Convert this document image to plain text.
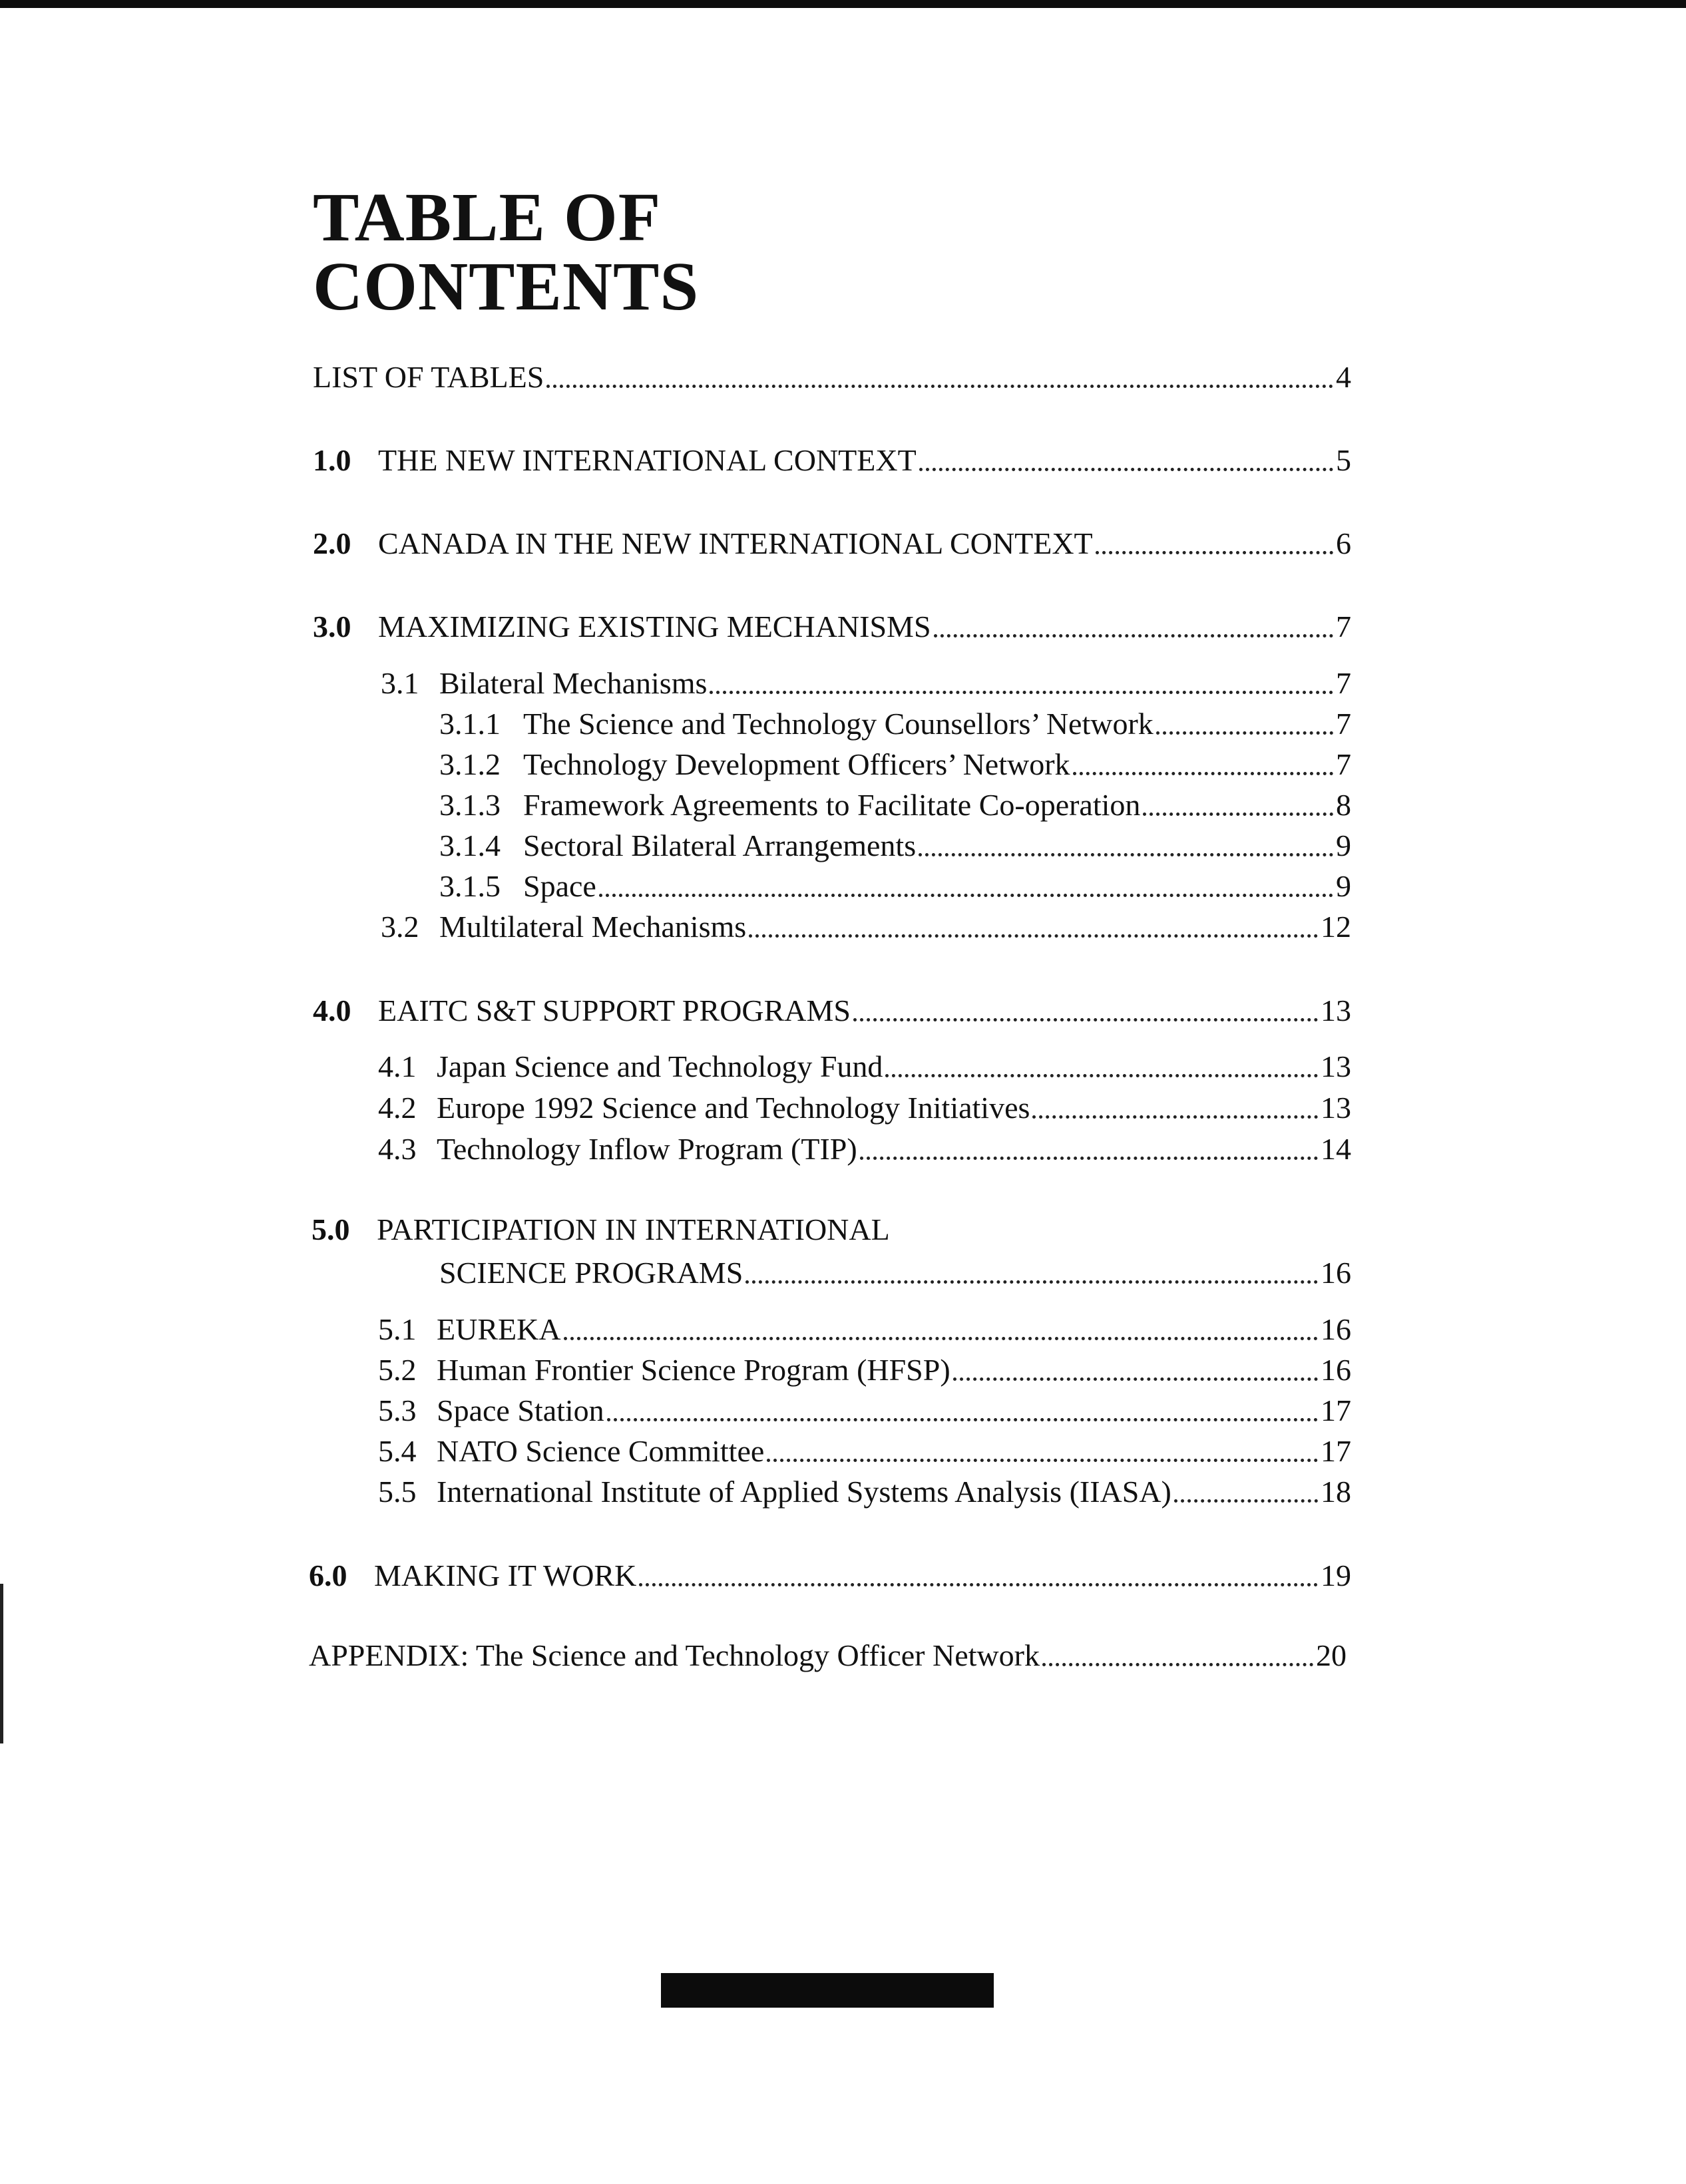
TABLE OF
CONTENTS
LIST OF TABLES	4
1.0 THE NEW INTERNATIONAL CONTEXT	5
2.0 CANADA IN THE NEW INTERNATIONAL CONTEXT	6
3.0 MAXIMIZING EXISTING MECHANISMS	7
3.1 Bilateral Mechanisms	7
3.1.1 The Science and Technology Counsellors’ Network	7
3.1.2 Technology Development Officers’ Network	7
3.1.3 Framework Agreements to Facilitate Co-operation	8
3.1.4 Sectoral Bilateral Arrangements	9
3.1.5 Space	9
3.2 Multilateral Mechanisms	12
4.0 EAITC S&T SUPPORT PROGRAMS	13
4.1 Japan Science and Technology Fund	13
4.2 Europe 1992 Science and Technology Initiatives	13
4.3 Technology Inflow Program (TIP)	14
5.0 PARTICIPATION IN INTERNATIONAL
SCIENCE PROGRAMS	16
5.1 EUREKA	16
5.2 Human Frontier Science Program (HFSP)	16
5.3 Space Station	17
5.4 NATO Science Committee	17
5.5 International Institute of Applied Systems Analysis (IIASA)	18
6.0 MAKING IT WORK	19
APPENDIX: The Science and Technology Officer Network	20
